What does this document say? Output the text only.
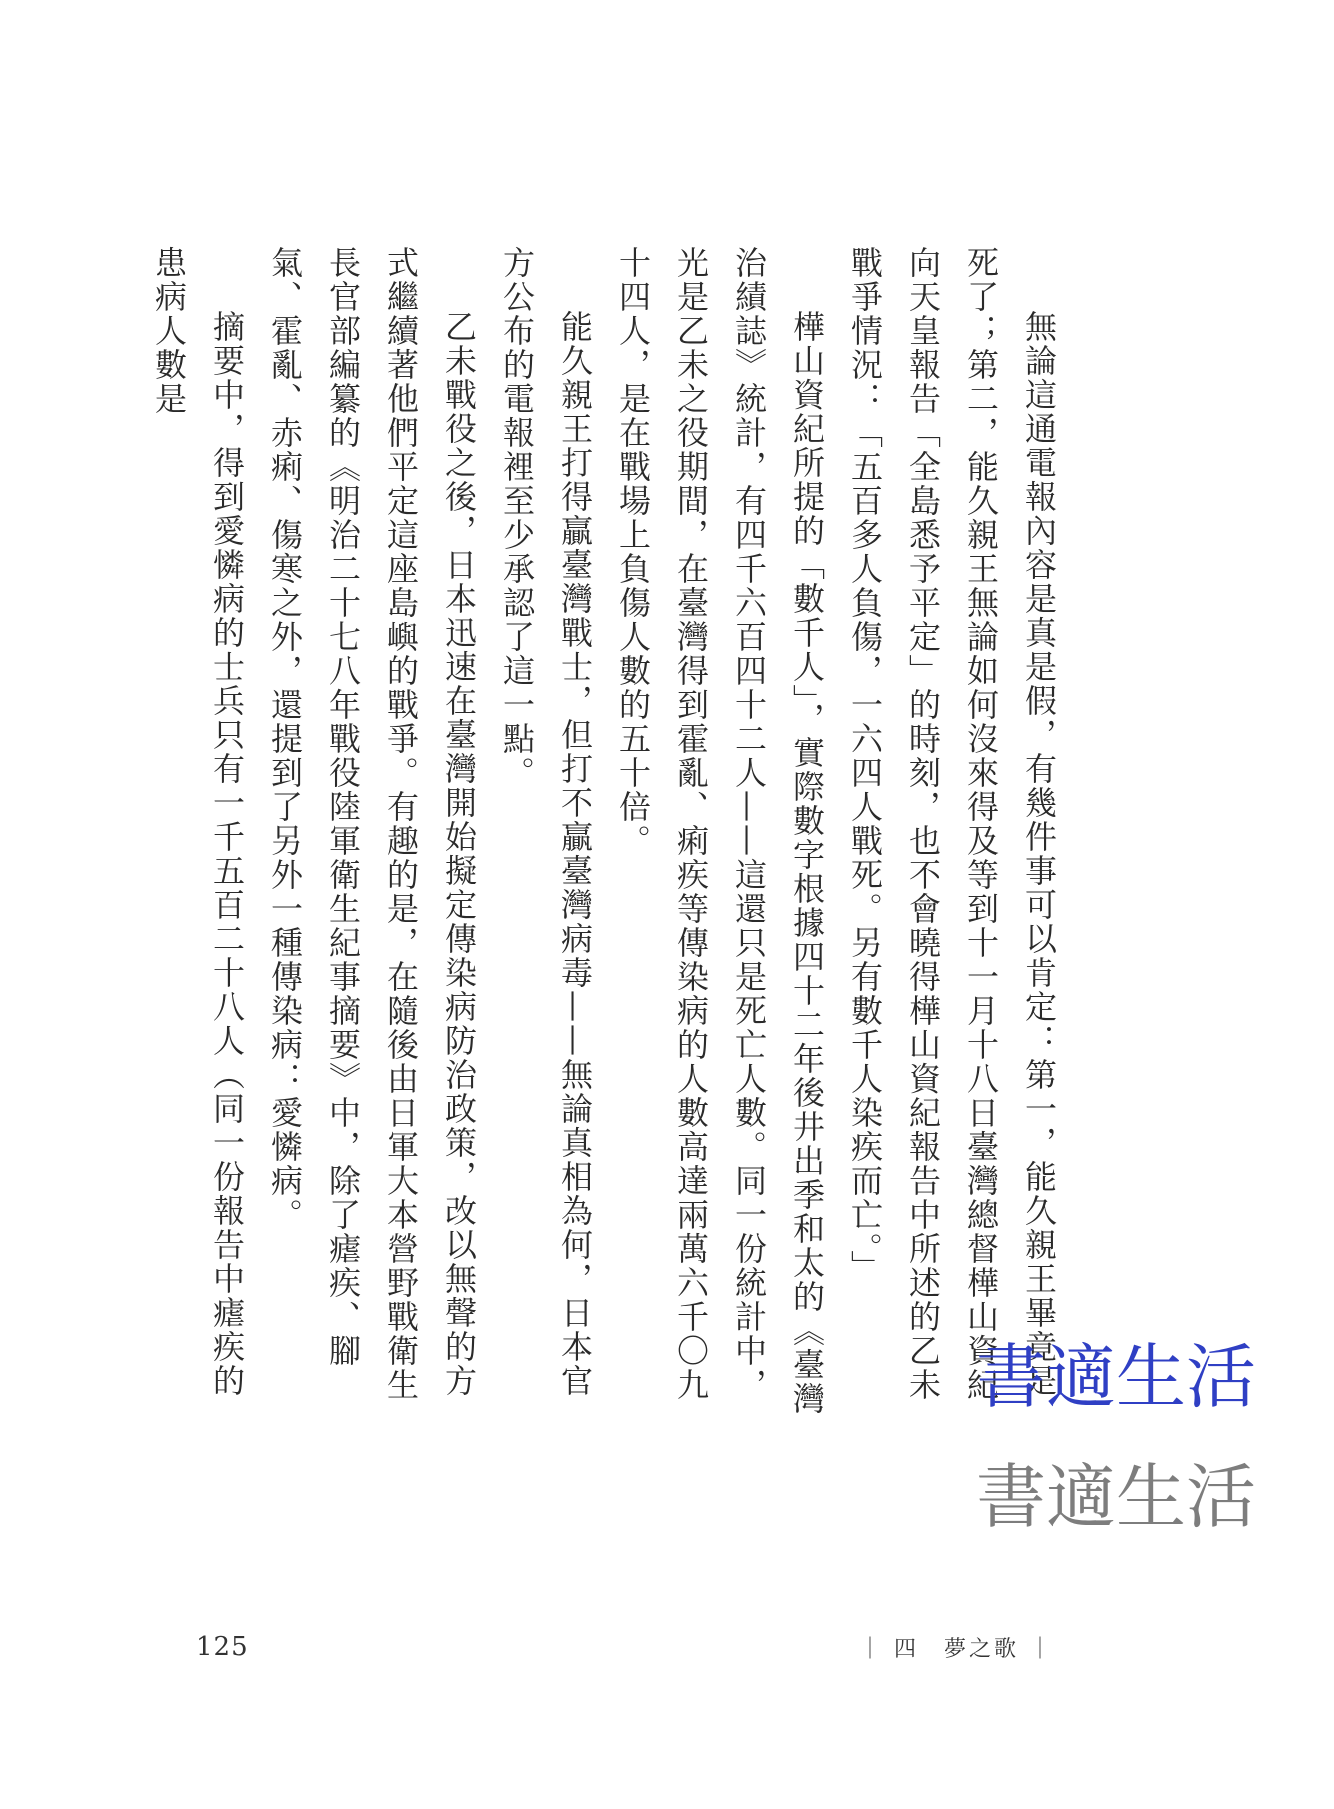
無論這通電報內容是真是假，有幾件事可以肯定：第一，能久親王畢竟是死了；第二，能久親王無論如何沒來得及等到十一月十八日臺灣總督樺山資紀向天皇報告「全島悉予平定」的時刻，也不會曉得樺山資紀報告中所述的乙未戰爭情況：「五百多人負傷，一六四人戰死。另有數千人染疾而亡。」

樺山資紀所提的「數千人」，實際數字根據四十二年後井出季和太的《臺灣治績誌》統計，有四千六百四十二人——這還只是死亡人數。同一份統計中，光是乙未之役期間，在臺灣得到霍亂、痢疾等傳染病的人數高達兩萬六千〇九十四人，是在戰場上負傷人數的五十倍。

能久親王打得贏臺灣戰士，但打不贏臺灣病毒——無論真相為何，日本官方公布的電報裡至少承認了這一點。

乙未戰役之後，日本迅速在臺灣開始擬定傳染病防治政策，改以無聲的方式繼續著他們平定這座島嶼的戰爭。有趣的是，在隨後由日軍大本營野戰衛生長官部編纂的《明治二十七八年戰役陸軍衛生紀事摘要》中，除了瘧疾、腳氣、霍亂、赤痢、傷寒之外，還提到了另外一種傳染病：愛憐病。

摘要中，得到愛憐病的士兵只有一千五百二十八人（同一份報告中瘧疾的患病人數是

書適生活
書適生活
125	｜ 四　夢之歌 ｜
